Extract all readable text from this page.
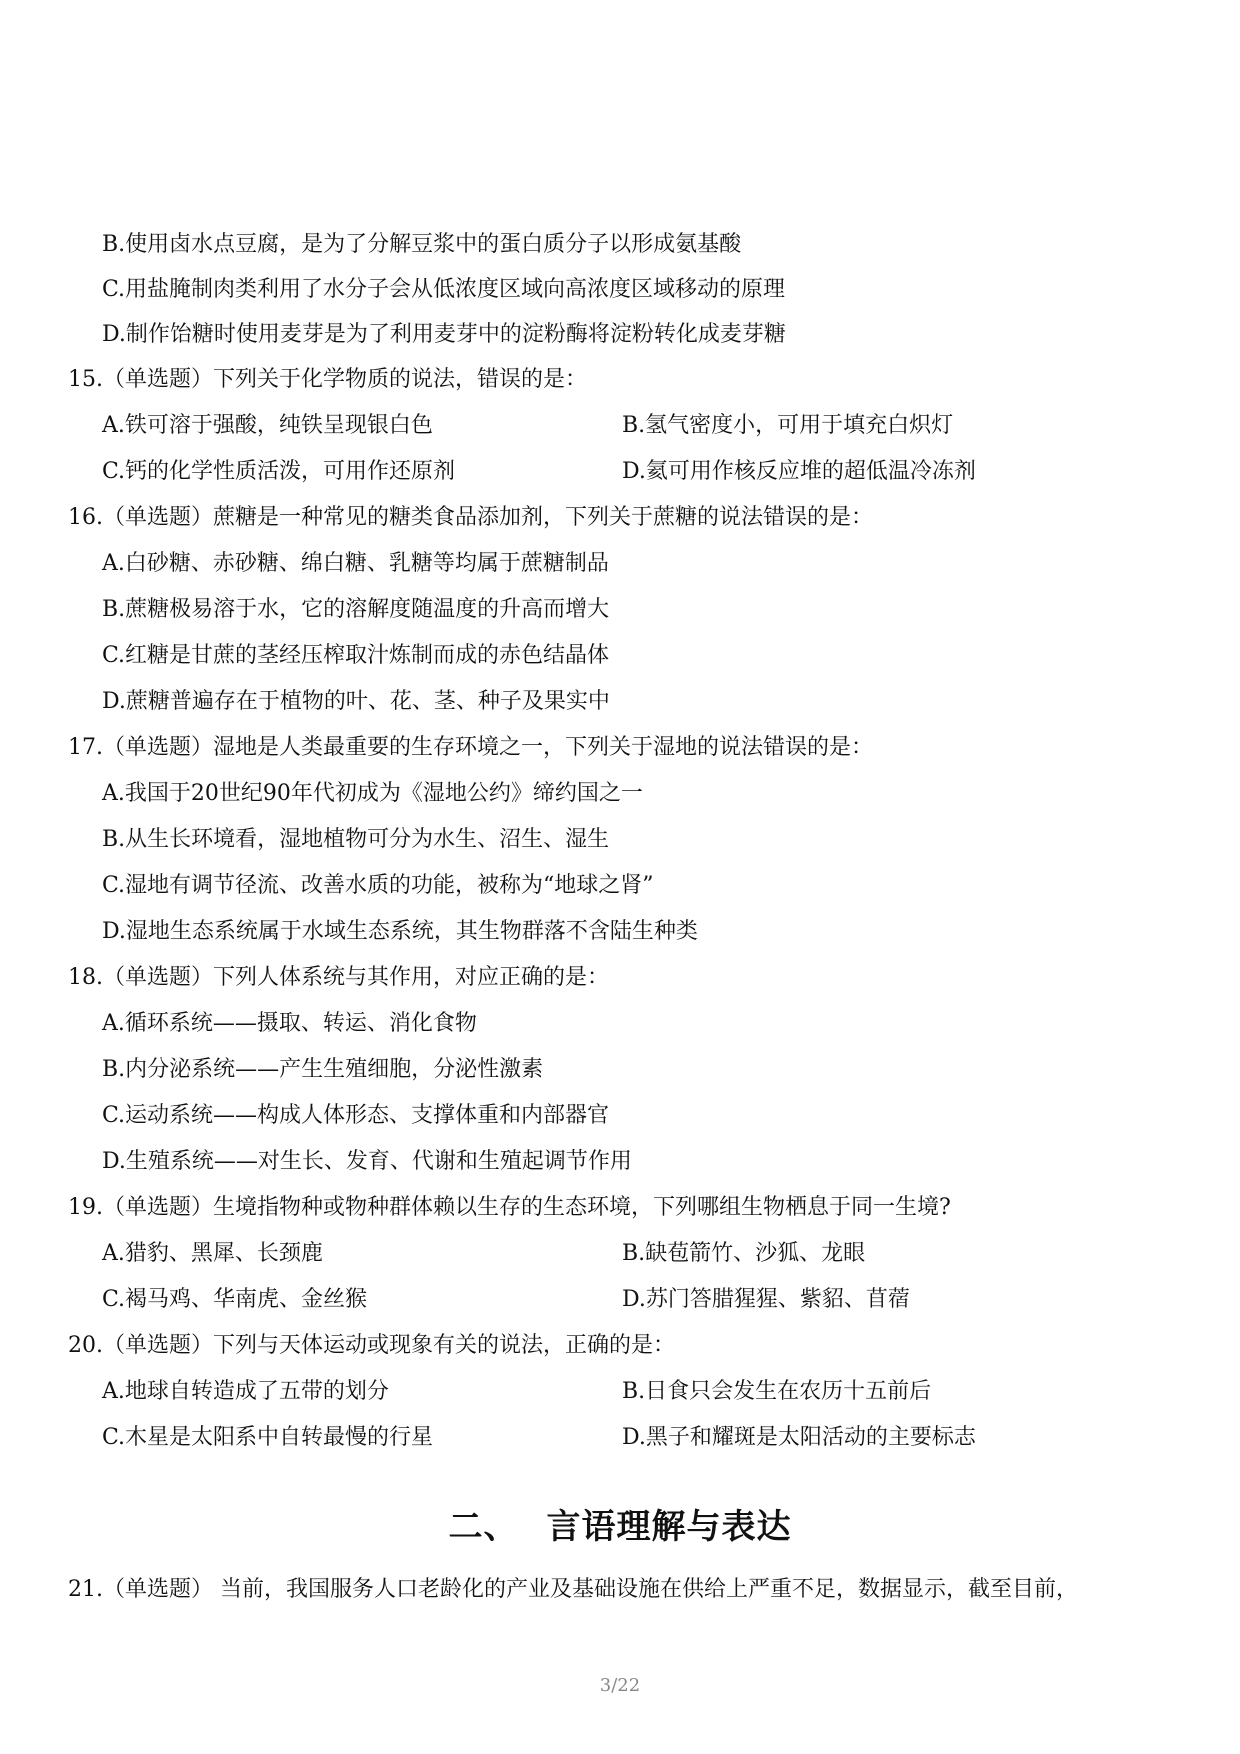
B.使用卤水点豆腐，是为了分解豆浆中的蛋白质分子以形成氨基酸
C.用盐腌制肉类利用了水分子会从低浓度区域向高浓度区域移动的原理
D.制作饴糖时使用麦芽是为了利用麦芽中的淀粉酶将淀粉转化成麦芽糖
15.（单选题）下列关于化学物质的说法，错误的是：
A.铁可溶于强酸，纯铁呈现银白色	B.氢气密度小，可用于填充白炽灯
C.钙的化学性质活泼，可用作还原剂	D.氦可用作核反应堆的超低温冷冻剂
16.（单选题）蔗糖是一种常见的糖类食品添加剂，下列关于蔗糖的说法错误的是：
A.白砂糖、赤砂糖、绵白糖、乳糖等均属于蔗糖制品
B.蔗糖极易溶于水，它的溶解度随温度的升高而增大
C.红糖是甘蔗的茎经压榨取汁炼制而成的赤色结晶体
D.蔗糖普遍存在于植物的叶、花、茎、种子及果实中
17.（单选题）湿地是人类最重要的生存环境之一，下列关于湿地的说法错误的是：
A.我国于20世纪90年代初成为《湿地公约》缔约国之一
B.从生长环境看，湿地植物可分为水生、沼生、湿生
C.湿地有调节径流、改善水质的功能，被称为“地球之肾”
D.湿地生态系统属于水域生态系统，其生物群落不含陆生种类
18.（单选题）下列人体系统与其作用，对应正确的是：
A.循环系统——摄取、转运、消化食物
B.内分泌系统——产生生殖细胞，分泌性激素
C.运动系统——构成人体形态、支撑体重和内部器官
D.生殖系统——对生长、发育、代谢和生殖起调节作用
19.（单选题）生境指物种或物种群体赖以生存的生态环境，下列哪组生物栖息于同一生境?
A.猎豹、黑犀、长颈鹿	B.缺苞箭竹、沙狐、龙眼
C.褐马鸡、华南虎、金丝猴	D.苏门答腊猩猩、紫貂、苜蓿
20.（单选题）下列与天体运动或现象有关的说法，正确的是：
A.地球自转造成了五带的划分	B.日食只会发生在农历十五前后
C.木星是太阳系中自转最慢的行星	D.黑子和耀斑是太阳活动的主要标志
二、 言语理解与表达
21.（单选题） 当前，我国服务人口老龄化的产业及基础设施在供给上严重不足，数据显示，截至目前，
3/22
